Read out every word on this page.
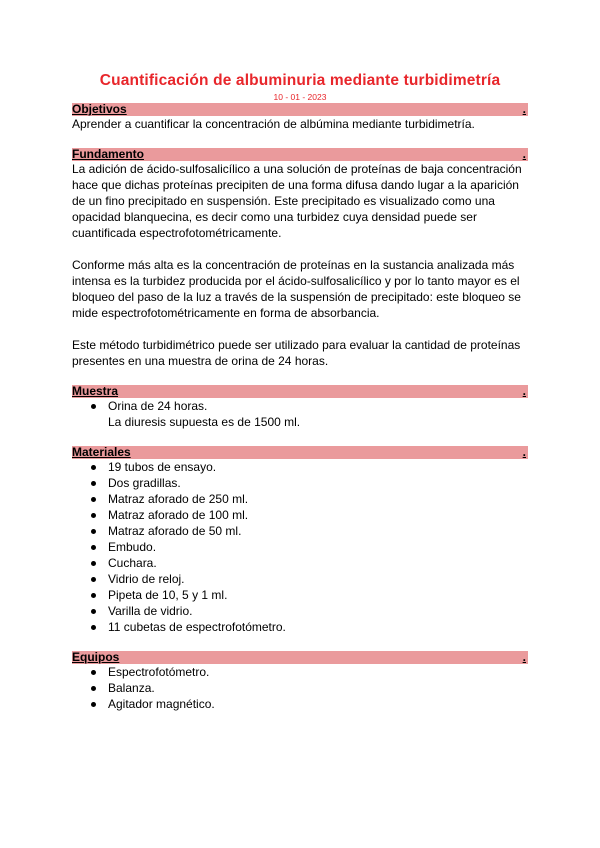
Cuantificación de albuminuria mediante turbidimetría
10 - 01 - 2023
Objetivos	.

Aprender a cuantificar la concentración de albúmina mediante turbidimetría.

Fundamento	.

La adición de ácido-sulfosalicílico a una solución de proteínas de baja concentración hace que dichas proteínas precipiten de una forma difusa dando lugar a la aparición de un fino precipitado en suspensión. Este precipitado es visualizado como una opacidad blanquecina, es decir como una turbidez cuya densidad puede ser cuantificada espectrofotométricamente.

Conforme más alta es la concentración de proteínas en la sustancia analizada más intensa es la turbidez producida por el ácido-sulfosalicílico y por lo tanto mayor es el bloqueo del paso de la luz a través de la suspensión de precipitado: este bloqueo se mide espectrofotométricamente en forma de absorbancia.

Este método turbidimétrico puede ser utilizado para evaluar la cantidad de proteínas presentes en una muestra de orina de 24 horas.

Muestra	.
Orina de 24 horas.
La diuresis supuesta es de 1500 ml.
Materiales	.
19 tubos de ensayo.
Dos gradillas.
Matraz aforado de 250 ml.
Matraz aforado de 100 ml.
Matraz aforado de 50 ml.
Embudo.
Cuchara.
Vidrio de reloj.
Pipeta de 10, 5 y 1 ml.
Varilla de vidrio.
11 cubetas de espectrofotómetro.
Equipos	.
Espectrofotómetro.
Balanza.
Agitador magnético.
